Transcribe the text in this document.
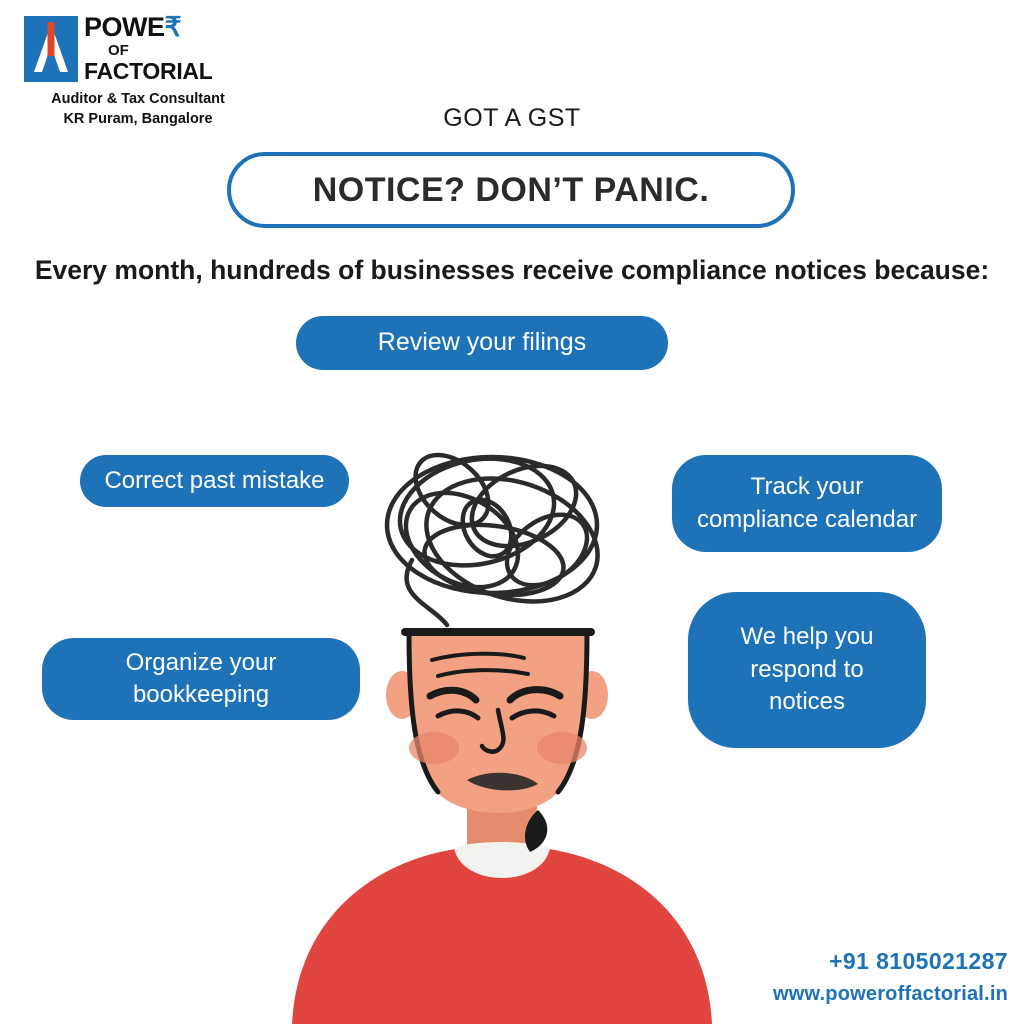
POWE₹
OF
FACTORIAL
Auditor & Tax Consultant
KR Puram, Bangalore	GOT A GST
NOTICE? DON’T PANIC.
Every month, hundreds of businesses receive compliance notices because:
Review your filings
Correct past mistake	Track your
compliance calendar
Organize your
bookkeeping
We help you
respond to
notices
+91 8105021287
www.poweroffactorial.in
